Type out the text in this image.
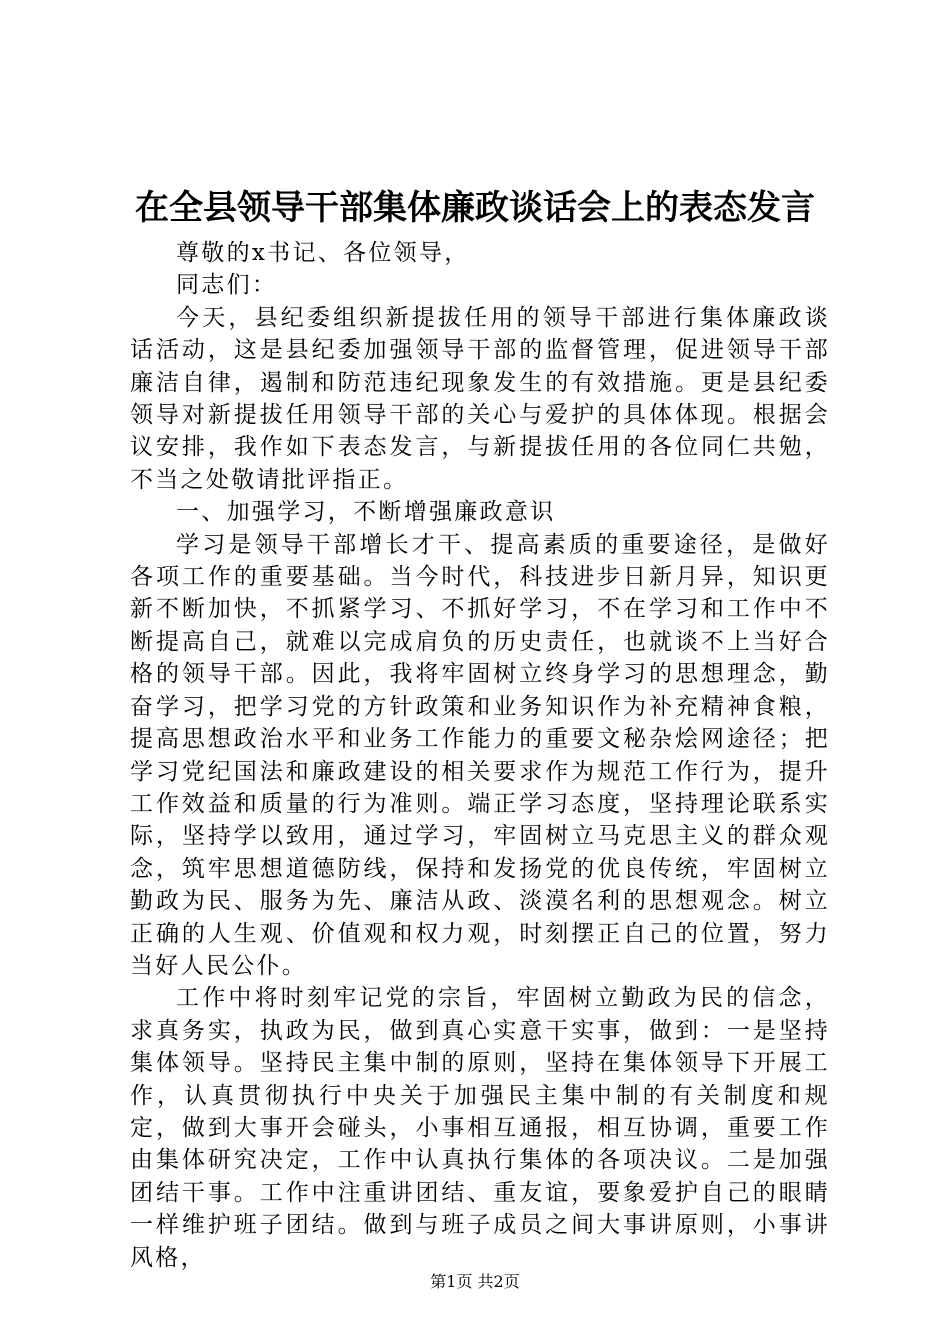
在全县领导干部集体廉政谈话会上的表态发言

尊敬的x书记、各位领导，

同志们：

今天，县纪委组织新提拔任用的领导干部进行集体廉政谈话活动，这是县纪委加强领导干部的监督管理，促进领导干部廉洁自律，遏制和防范违纪现象发生的有效措施。更是县纪委领导对新提拔任用领导干部的关心与爱护的具体体现。根据会议安排，我作如下表态发言，与新提拔任用的各位同仁共勉，不当之处敬请批评指正。

一、加强学习，不断增强廉政意识

学习是领导干部增长才干、提高素质的重要途径，是做好各项工作的重要基础。当今时代，科技进步日新月异，知识更新不断加快，不抓紧学习、不抓好学习，不在学习和工作中不断提高自己，就难以完成肩负的历史责任，也就谈不上当好合格的领导干部。因此，我将牢固树立终身学习的思想理念，勤奋学习，把学习党的方针政策和业务知识作为补充精神食粮，提高思想政治水平和业务工作能力的重要文秘杂烩网途径；把学习党纪国法和廉政建设的相关要求作为规范工作行为，提升工作效益和质量的行为准则。端正学习态度，坚持理论联系实际，坚持学以致用，通过学习，牢固树立马克思主义的群众观念，筑牢思想道德防线，保持和发扬党的优良传统，牢固树立勤政为民、服务为先、廉洁从政、淡漠名利的思想观念。树立正确的人生观、价值观和权力观，时刻摆正自己的位置，努力当好人民公仆。

工作中将时刻牢记党的宗旨，牢固树立勤政为民的信念，求真务实，执政为民，做到真心实意干实事，做到：一是坚持集体领导。坚持民主集中制的原则，坚持在集体领导下开展工作，认真贯彻执行中央关于加强民主集中制的有关制度和规定，做到大事开会碰头，小事相互通报，相互协调，重要工作由集体研究决定，工作中认真执行集体的各项决议。二是加强团结干事。工作中注重讲团结、重友谊，要象爱护自己的眼睛一样维护班子团结。做到与班子成员之间大事讲原则，小事讲风格，

第1页 共2页
